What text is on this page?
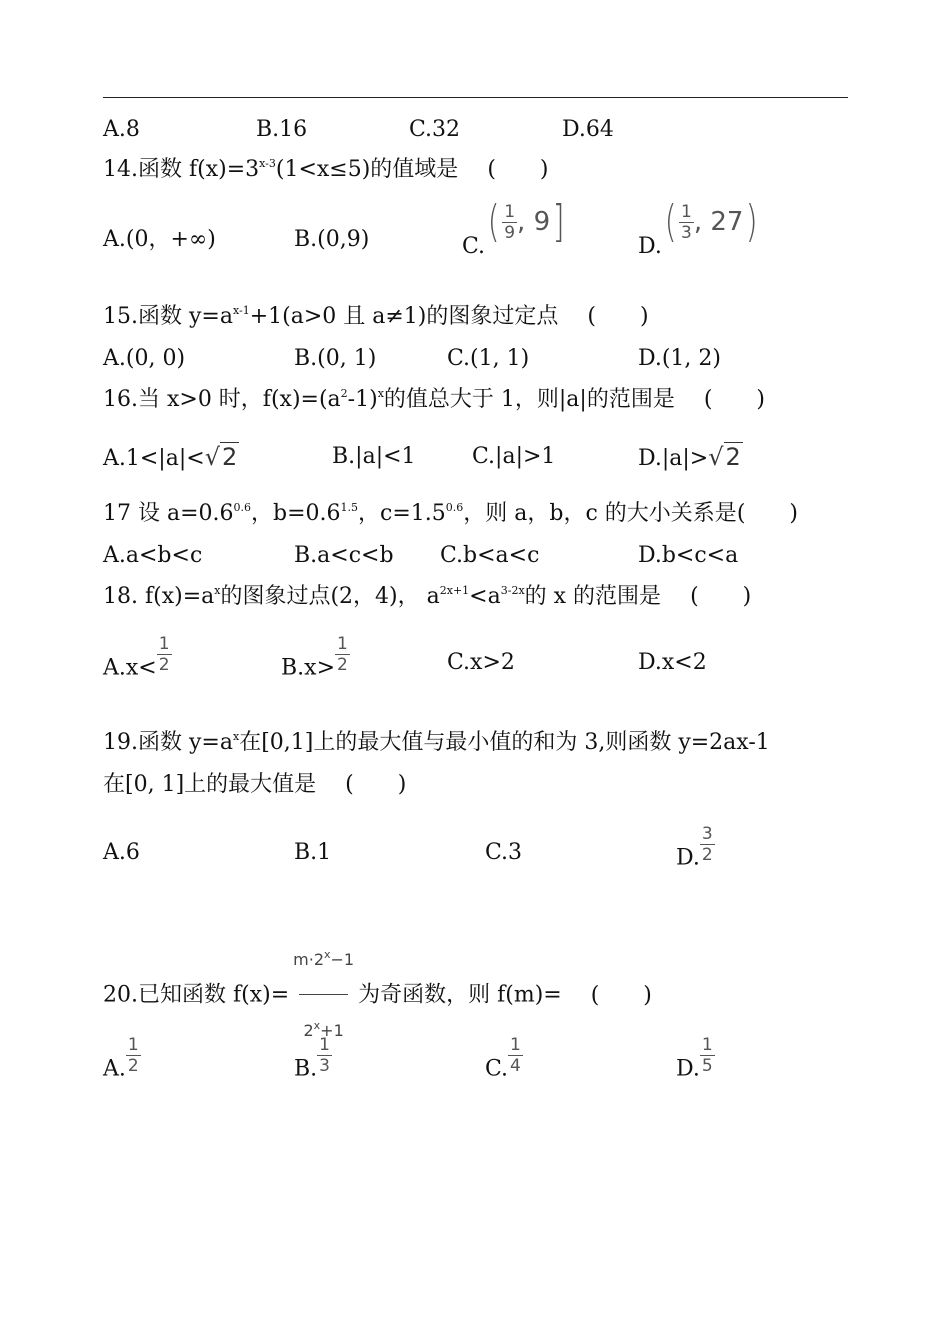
A.8	B.16	C.32	D.64
14.函数 $f(x)=3^{x-3}(1<x\le 5)$的值域是 (　　)
A.(0，+∞)	B.(0,9)	C. ( $\frac{1}{9}$ , 9 ]	D. ( $\frac{1}{3}$ , 27 )
15.函数 $y=a^{x-1}+1(a>0$ 且 a≠1)的图象过定点 (　　)
A.(0, 0)	B.(0, 1)	C.(1, 1)	D.(1, 2)
16.当 x>0 时，$f(x)=(a^2-1)^x$的值总大于 1，则|a|的范围是 (　　)
A.1<|a|<√2	B.|a|<1	C.|a|>1	D.|a|>√2
17 设 $a=0.6^{0.6}$，$b=0.6^{1.5}$，$c=1.5^{0.6}$，则 a，b，c 的大小关系是(　　)
A.a<b<c	B.a<c<b C.b<a<c	D.b<c<a
18. $f(x)=a^x$的图象过点(2，4)， $a^{2x+1}<a^{3-2x}$的 x 的范围是 (　　)
$A.x< \frac{1}{2}$	$B.x> \frac{1}{2}$	C.x>2	D.x<2
19.函数 $y=a^x$在[0,1]上的最大值与最小值的和为 3,则函数 y=2ax-1
在[0, 1]上的最大值是 (　　)
A.6	B.1	C.3	D. $\frac{3}{2}$
20.已知函数 $f(x)= \frac{m\cdot 2^x-1}{2^x+1}$ 为奇函数，则 f(m)= (　　)
A. $\frac{1}{2}$	B. $\frac{1}{3}$	C. $\frac{1}{4}$	D. $\frac{1}{5}$
